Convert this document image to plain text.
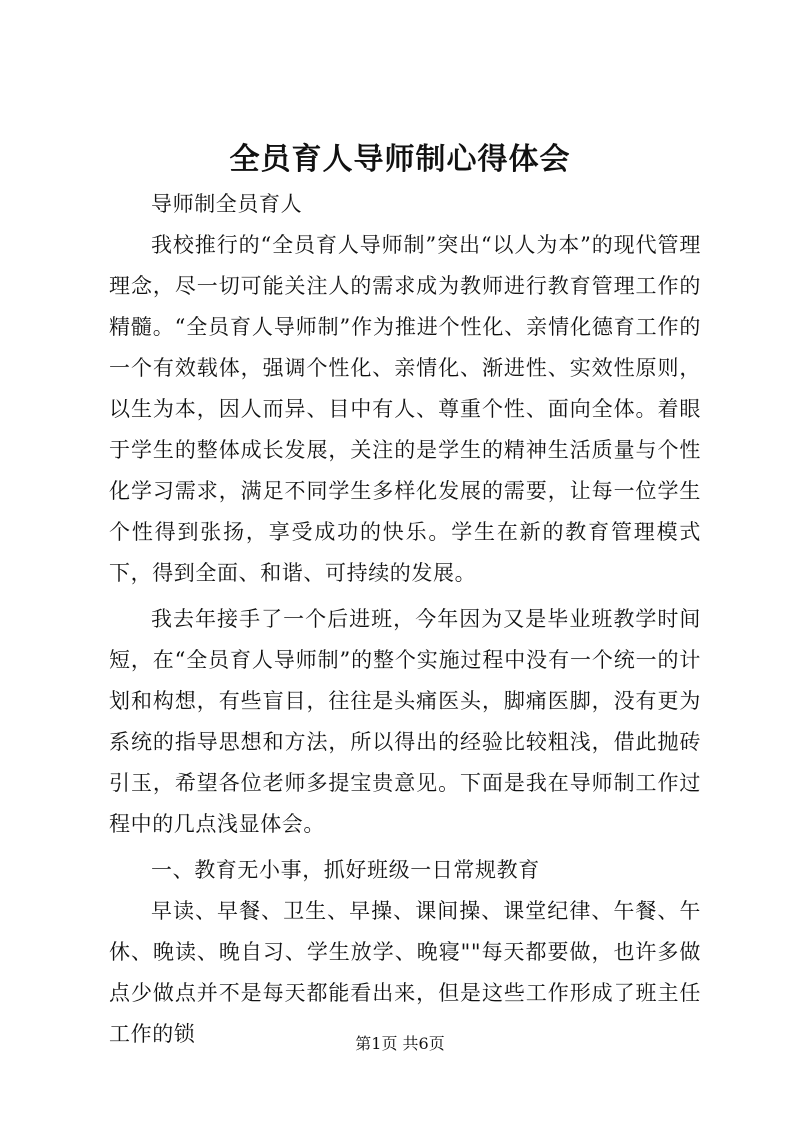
全员育人导师制心得体会

导师制全员育人

我校推行的“全员育人导师制”突出“以人为本”的现代管理理念，尽一切可能关注人的需求成为教师进行教育管理工作的精髓。“全员育人导师制”作为推进个性化、亲情化德育工作的一个有效载体，强调个性化、亲情化、渐进性、实效性原则，以生为本，因人而异、目中有人、尊重个性、面向全体。着眼于学生的整体成长发展，关注的是学生的精神生活质量与个性化学习需求，满足不同学生多样化发展的需要，让每一位学生个性得到张扬，享受成功的快乐。学生在新的教育管理模式下，得到全面、和谐、可持续的发展。

我去年接手了一个后进班，今年因为又是毕业班教学时间短，在“全员育人导师制”的整个实施过程中没有一个统一的计划和构想，有些盲目，往往是头痛医头，脚痛医脚，没有更为系统的指导思想和方法，所以得出的经验比较粗浅，借此抛砖引玉，希望各位老师多提宝贵意见。下面是我在导师制工作过程中的几点浅显体会。

一、教育无小事，抓好班级一日常规教育

早读、早餐、卫生、早操、课间操、课堂纪律、午餐、午休、晚读、晚自习、学生放学、晚寝""每天都要做，也许多做点少做点并不是每天都能看出来，但是这些工作形成了班主任工作的锁	第1页 共6页
